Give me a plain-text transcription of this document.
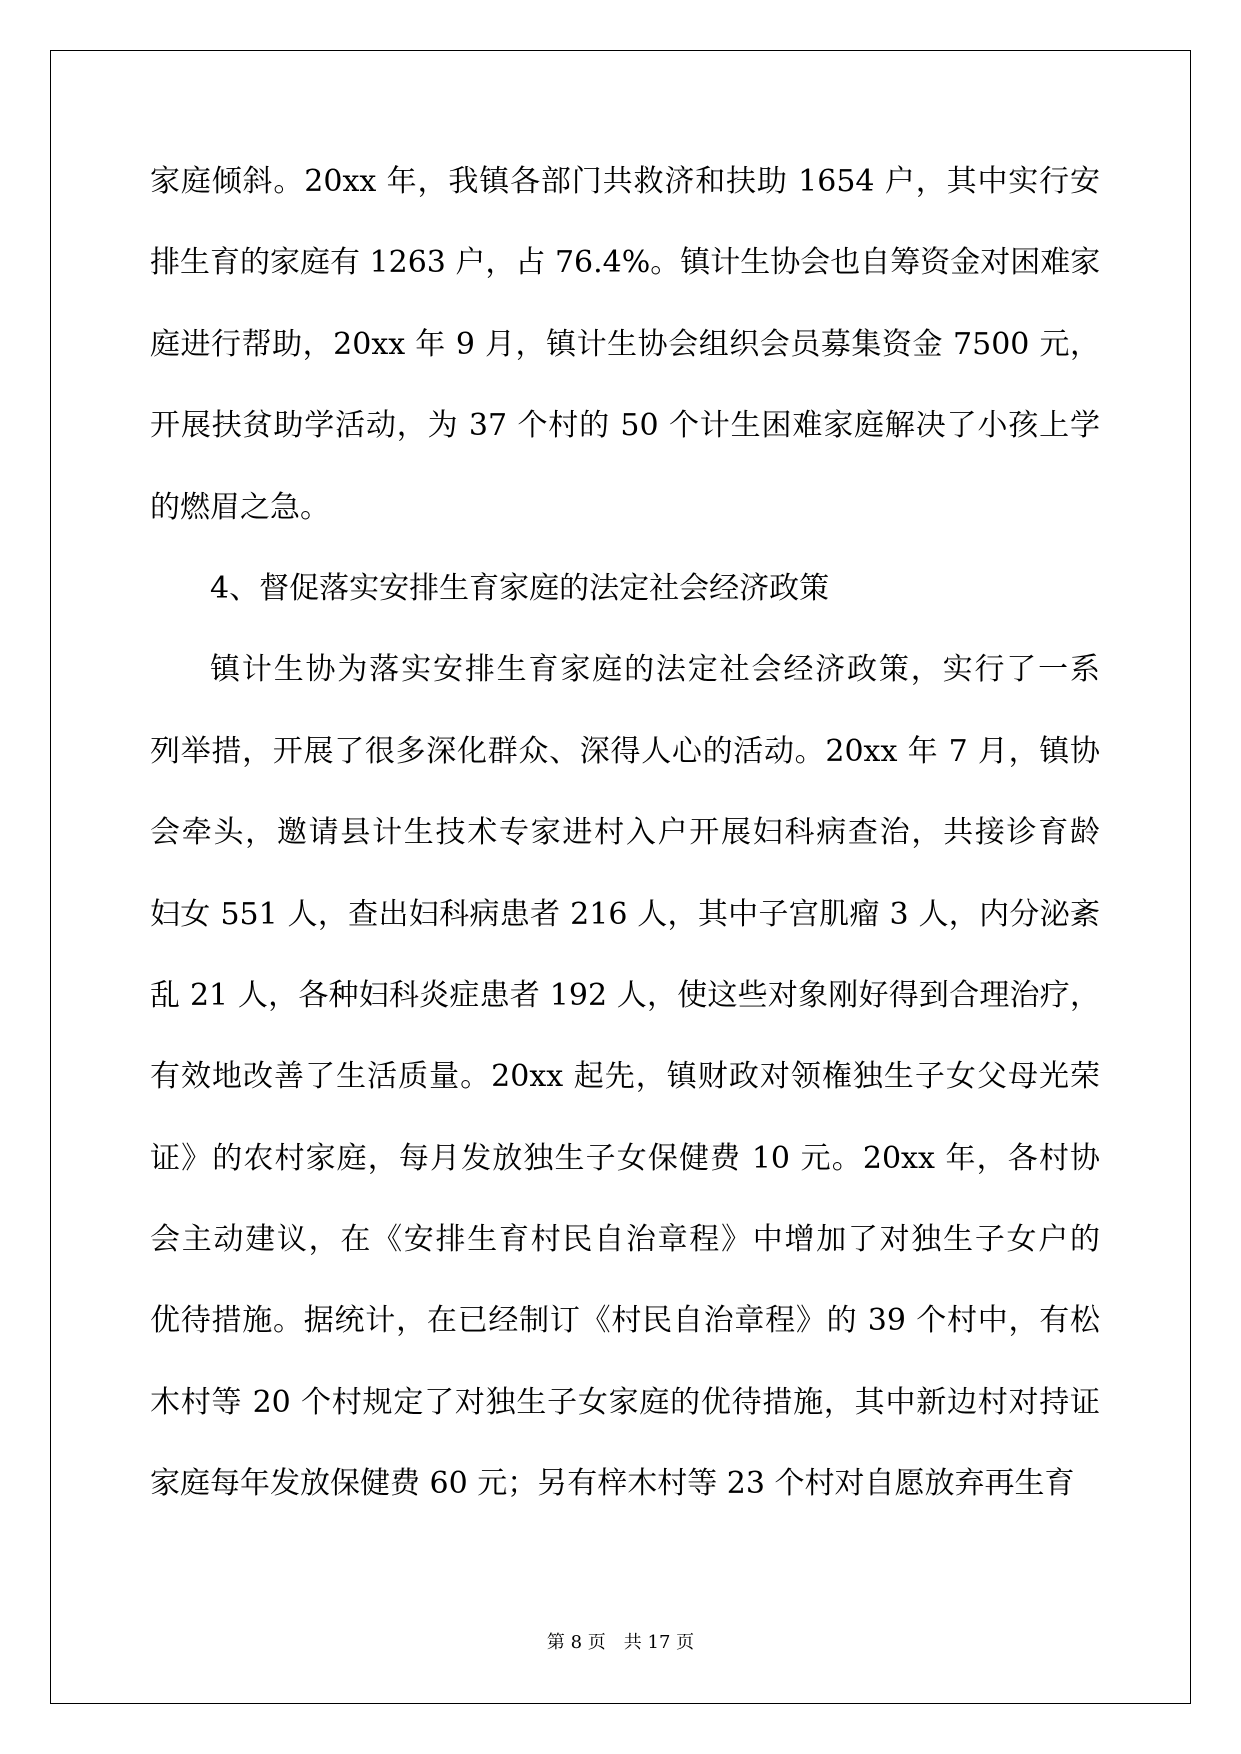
家庭倾斜。20xx 年，我镇各部门共救济和扶助 1654 户，其中实行安
排生育的家庭有 1263 户，占 76.4%。镇计生协会也自筹资金对困难家
庭进行帮助，20xx 年 9 月，镇计生协会组织会员募集资金 7500 元，
开展扶贫助学活动，为 37 个村的 50 个计生困难家庭解决了小孩上学
的燃眉之急。
4、督促落实安排生育家庭的法定社会经济政策
镇计生协为落实安排生育家庭的法定社会经济政策，实行了一系
列举措，开展了很多深化群众、深得人心的活动。20xx 年 7 月，镇协
会牵头，邀请县计生技术专家进村入户开展妇科病查治，共接诊育龄
妇女 551 人，查出妇科病患者 216 人，其中子宫肌瘤 3 人，内分泌紊
乱 21 人，各种妇科炎症患者 192 人，使这些对象刚好得到合理治疗，
有效地改善了生活质量。20xx 起先，镇财政对领権独生子女父母光荣
证》的农村家庭，每月发放独生子女保健费 10 元。20xx 年，各村协
会主动建议，在《安排生育村民自治章程》中增加了对独生子女户的
优待措施。据统计，在已经制订《村民自治章程》的 39 个村中，有松
木村等 20 个村规定了对独生子女家庭的优待措施，其中新边村对持证
家庭每年发放保健费 60 元；另有梓木村等 23 个村对自愿放弃再生育
第 8 页　共 17 页
